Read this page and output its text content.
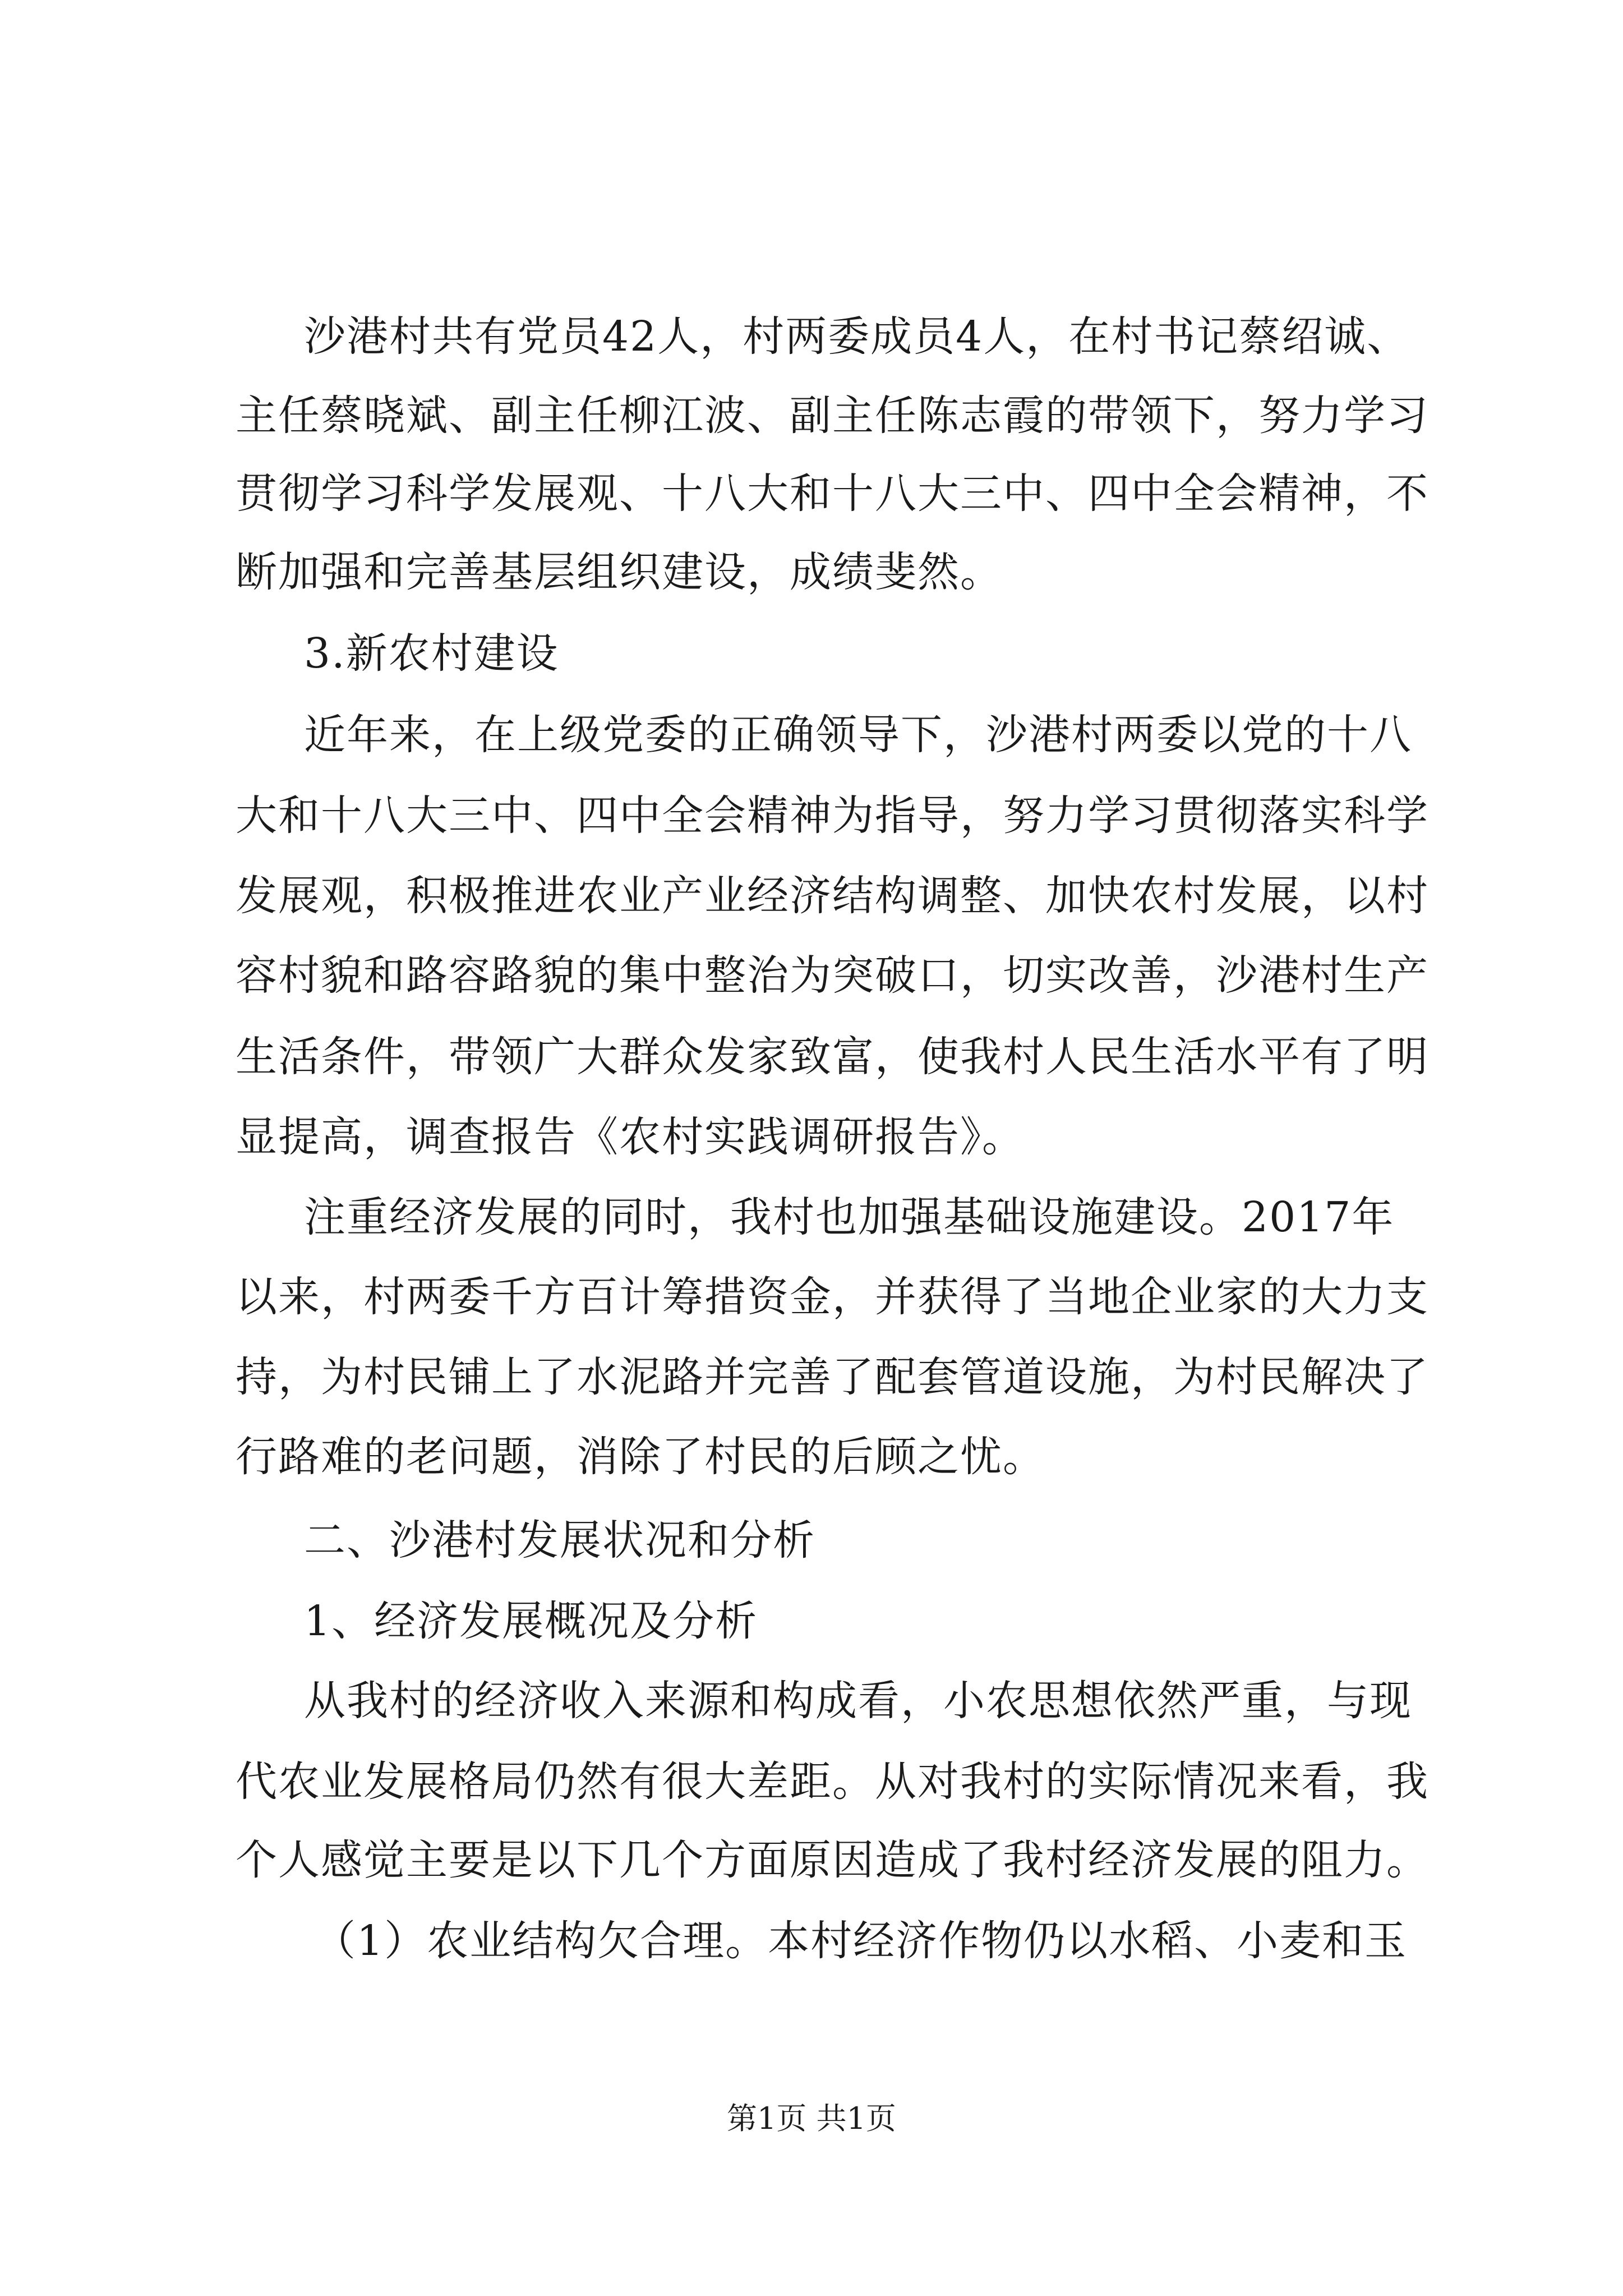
沙港村共有党员42人，村两委成员4人，在村书记蔡绍诚、
主任蔡晓斌、副主任柳江波、副主任陈志霞的带领下，努力学习
贯彻学习科学发展观、十八大和十八大三中、四中全会精神，不
断加强和完善基层组织建设，成绩斐然。
3.新农村建设
近年来，在上级党委的正确领导下，沙港村两委以党的十八
大和十八大三中、四中全会精神为指导，努力学习贯彻落实科学
发展观，积极推进农业产业经济结构调整、加快农村发展，以村
容村貌和路容路貌的集中整治为突破口，切实改善，沙港村生产
生活条件，带领广大群众发家致富，使我村人民生活水平有了明
显提高，调查报告《农村实践调研报告》。
注重经济发展的同时，我村也加强基础设施建设。2017年
以来，村两委千方百计筹措资金，并获得了当地企业家的大力支
持，为村民铺上了水泥路并完善了配套管道设施，为村民解决了
行路难的老问题，消除了村民的后顾之忧。
二、沙港村发展状况和分析
1、经济发展概况及分析
从我村的经济收入来源和构成看，小农思想依然严重，与现
代农业发展格局仍然有很大差距。从对我村的实际情况来看，我
个人感觉主要是以下几个方面原因造成了我村经济发展的阻力。
（1）农业结构欠合理。本村经济作物仍以水稻、小麦和玉
第1页 共1页
